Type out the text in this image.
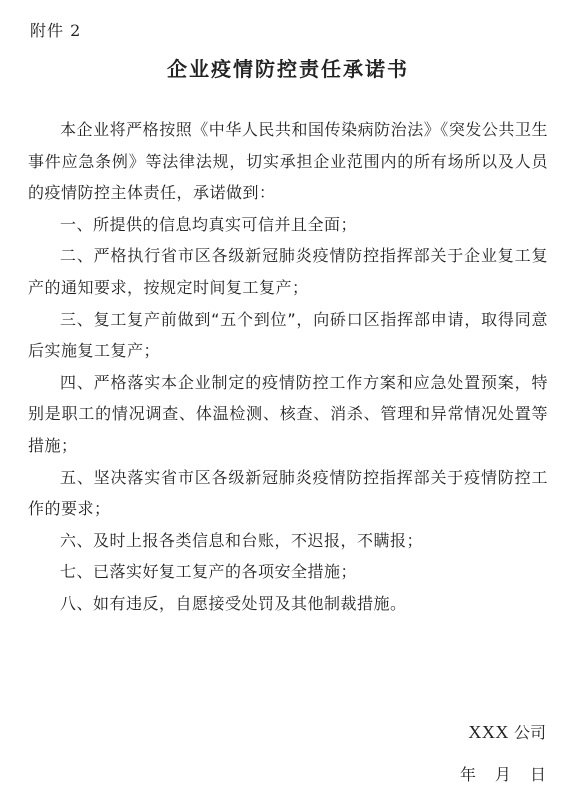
附件 2
企业疫情防控责任承诺书

本企业将严格按照《中华人民共和国传染病防治法》《突发公共卫生事件应急条例》等法律法规，切实承担企业范围内的所有场所以及人员的疫情防控主体责任，承诺做到：

一、所提供的信息均真实可信并且全面；

二、严格执行省市区各级新冠肺炎疫情防控指挥部关于企业复工复产的通知要求，按规定时间复工复产；

三、复工复产前做到“五个到位”，向硚口区指挥部申请，取得同意后实施复工复产；

四、严格落实本企业制定的疫情防控工作方案和应急处置预案，特别是职工的情况调查、体温检测、核查、消杀、管理和异常情况处置等措施；

五、坚决落实省市区各级新冠肺炎疫情防控指挥部关于疫情防控工作的要求；

六、及时上报各类信息和台账，不迟报，不瞒报；

七、已落实好复工复产的各项安全措施；

八、如有违反，自愿接受处罚及其他制裁措施。

XXX 公司
年 月 日
